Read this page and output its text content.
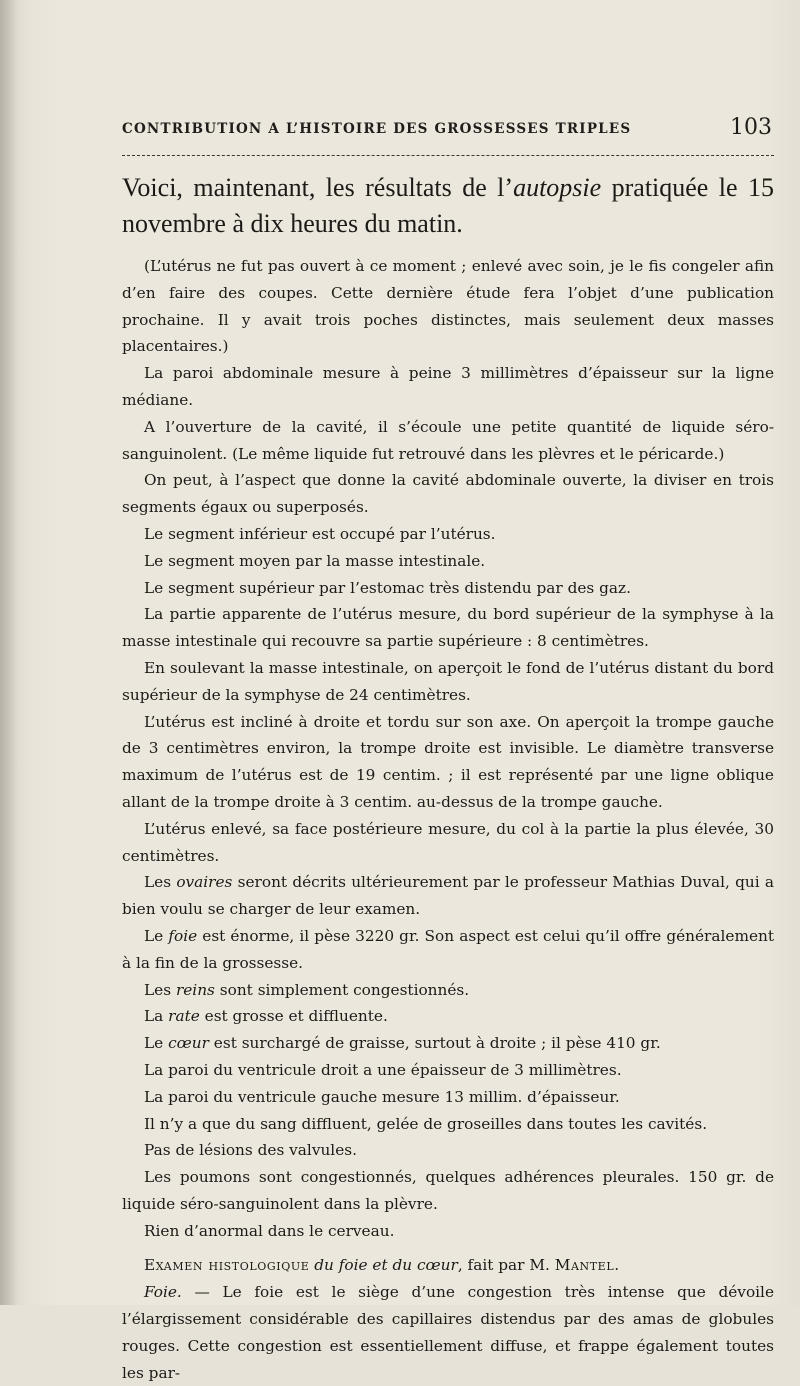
CONTRIBUTION A L’HISTOIRE DES GROSSESSES TRIPLES	103
Voici, maintenant, les résultats de l’autopsie pratiquée le 15 novembre à dix heures du matin.

(L’utérus ne fut pas ouvert à ce moment ; enlevé avec soin, je le fis congeler afin d’en faire des coupes. Cette dernière étude fera l’objet d’une publication prochaine. Il y avait trois poches distinctes, mais seulement deux masses placentaires.)

La paroi abdominale mesure à peine 3 millimètres d’épaisseur sur la ligne médiane.

A l’ouverture de la cavité, il s’écoule une petite quantité de liquide séro-sanguinolent. (Le même liquide fut retrouvé dans les plèvres et le péricarde.)

On peut, à l’aspect que donne la cavité abdominale ouverte, la diviser en trois segments égaux ou superposés.

Le segment inférieur est occupé par l’utérus.

Le segment moyen par la masse intestinale.

Le segment supérieur par l’estomac très distendu par des gaz.

La partie apparente de l’utérus mesure, du bord supérieur de la symphyse à la masse intestinale qui recouvre sa partie supérieure : 8 centimètres.

En soulevant la masse intestinale, on aperçoit le fond de l’utérus distant du bord supérieur de la symphyse de 24 centimètres.

L’utérus est incliné à droite et tordu sur son axe. On aperçoit la trompe gauche de 3 centimètres environ, la trompe droite est invisible. Le diamètre transverse maximum de l’utérus est de 19 centim. ; il est représenté par une ligne oblique allant de la trompe droite à 3 centim. au-dessus de la trompe gauche.

L’utérus enlevé, sa face postérieure mesure, du col à la partie la plus élevée, 30 centimètres.

Les ovaires seront décrits ultérieurement par le professeur Mathias Duval, qui a bien voulu se charger de leur examen.

Le foie est énorme, il pèse 3220 gr. Son aspect est celui qu’il offre généralement à la fin de la grossesse.

Les reins sont simplement congestionnés.

La rate est grosse et diffluente.

Le cœur est surchargé de graisse, surtout à droite ; il pèse 410 gr.

La paroi du ventricule droit a une épaisseur de 3 millimètres.

La paroi du ventricule gauche mesure 13 millim. d’épaisseur.

Il n’y a que du sang diffluent, gelée de groseilles dans toutes les cavités.

Pas de lésions des valvules.

Les poumons sont congestionnés, quelques adhérences pleurales. 150 gr. de liquide séro-sanguinolent dans la plèvre.

Rien d’anormal dans le cerveau.

Examen histologique du foie et du cœur, fait par M. Mantel.

Foie. — Le foie est le siège d’une congestion très intense que dévoile l’élargissement considérable des capillaires distendus par des amas de globules rouges. Cette congestion est essentiellement diffuse, et frappe également toutes les par-
